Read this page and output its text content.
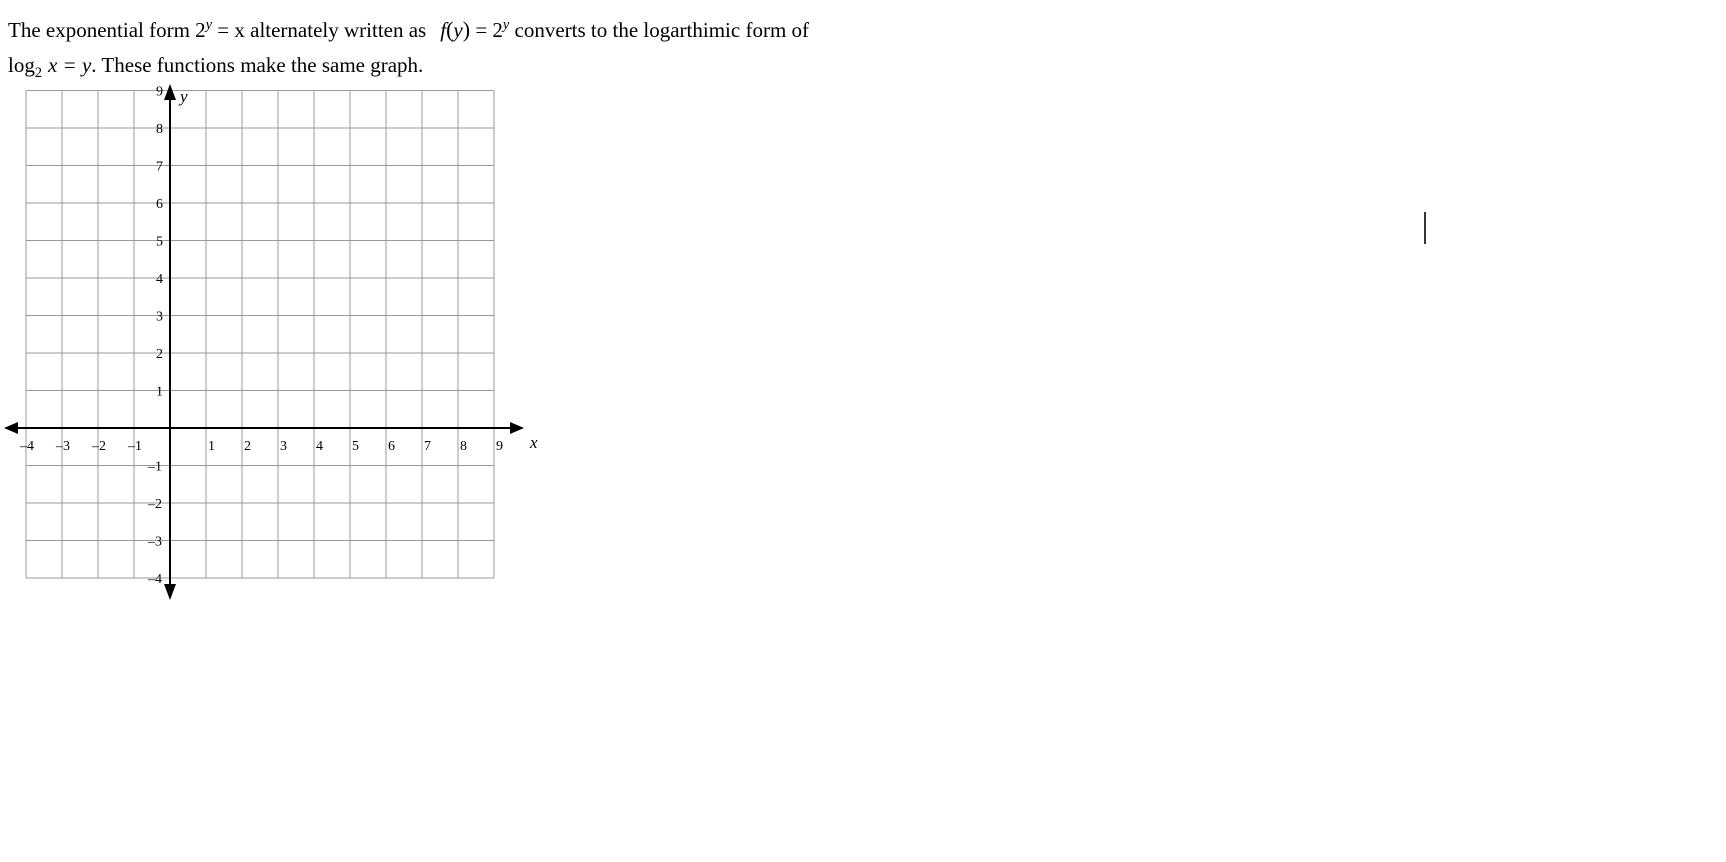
The exponential form $2^y = x$ alternately written as $f(y) = 2^y$ converts to the logarthimic form of
$\log_2 x = y$. These functions make the same graph.
–4 –3 –2 –1	1 2 3 4 5 6 7 8 9
9
8
7
6
5
4
3
2
1
–1
–2
–3
–4
x
y
